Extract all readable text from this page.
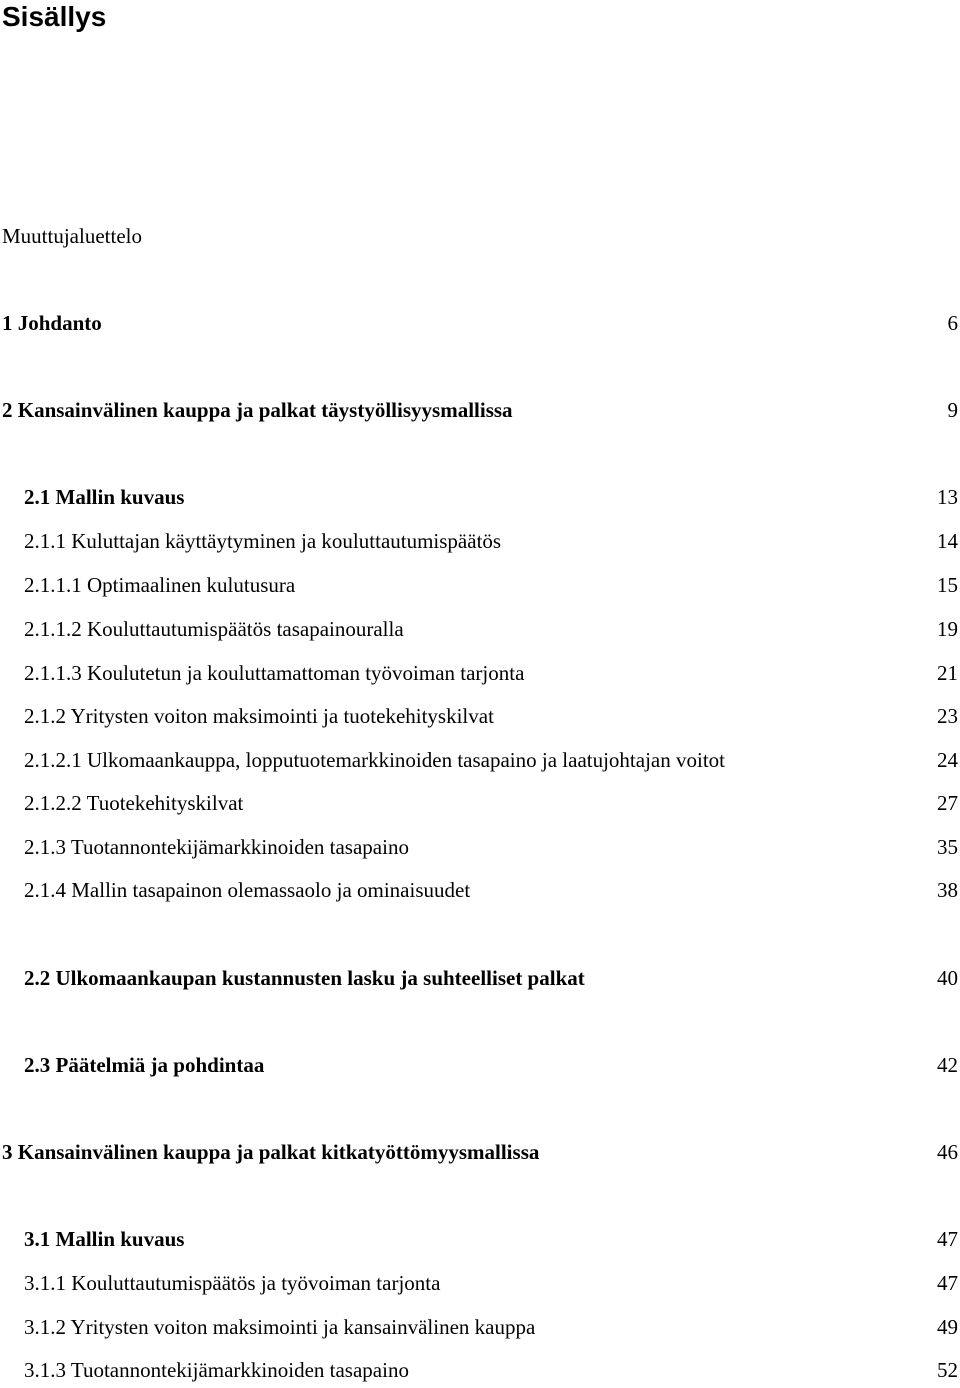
Sisällys
Muuttujaluettelo
1 Johdanto	6
2 Kansainvälinen kauppa ja palkat täystyöllisyysmallissa	9
2.1 Mallin kuvaus	13
2.1.1 Kuluttajan käyttäytyminen ja kouluttautumispäätös	14
2.1.1.1 Optimaalinen kulutusura	15
2.1.1.2 Kouluttautumispäätös tasapainouralla	19
2.1.1.3 Koulutetun ja kouluttamattoman työvoiman tarjonta	21
2.1.2 Yritysten voiton maksimointi ja tuotekehityskilvat	23
2.1.2.1 Ulkomaankauppa, lopputuotemarkkinoiden tasapaino ja laatujohtajan voitot	24
2.1.2.2 Tuotekehityskilvat	27
2.1.3 Tuotannontekijämarkkinoiden tasapaino	35
2.1.4 Mallin tasapainon olemassaolo ja ominaisuudet	38
2.2 Ulkomaankaupan kustannusten lasku ja suhteelliset palkat	40
2.3 Päätelmiä ja pohdintaa	42
3 Kansainvälinen kauppa ja palkat kitkatyöttömyysmallissa	46
3.1 Mallin kuvaus	47
3.1.1 Kouluttautumispäätös ja työvoiman tarjonta	47
3.1.2 Yritysten voiton maksimointi ja kansainvälinen kauppa	49
3.1.3 Tuotannontekijämarkkinoiden tasapaino	52
